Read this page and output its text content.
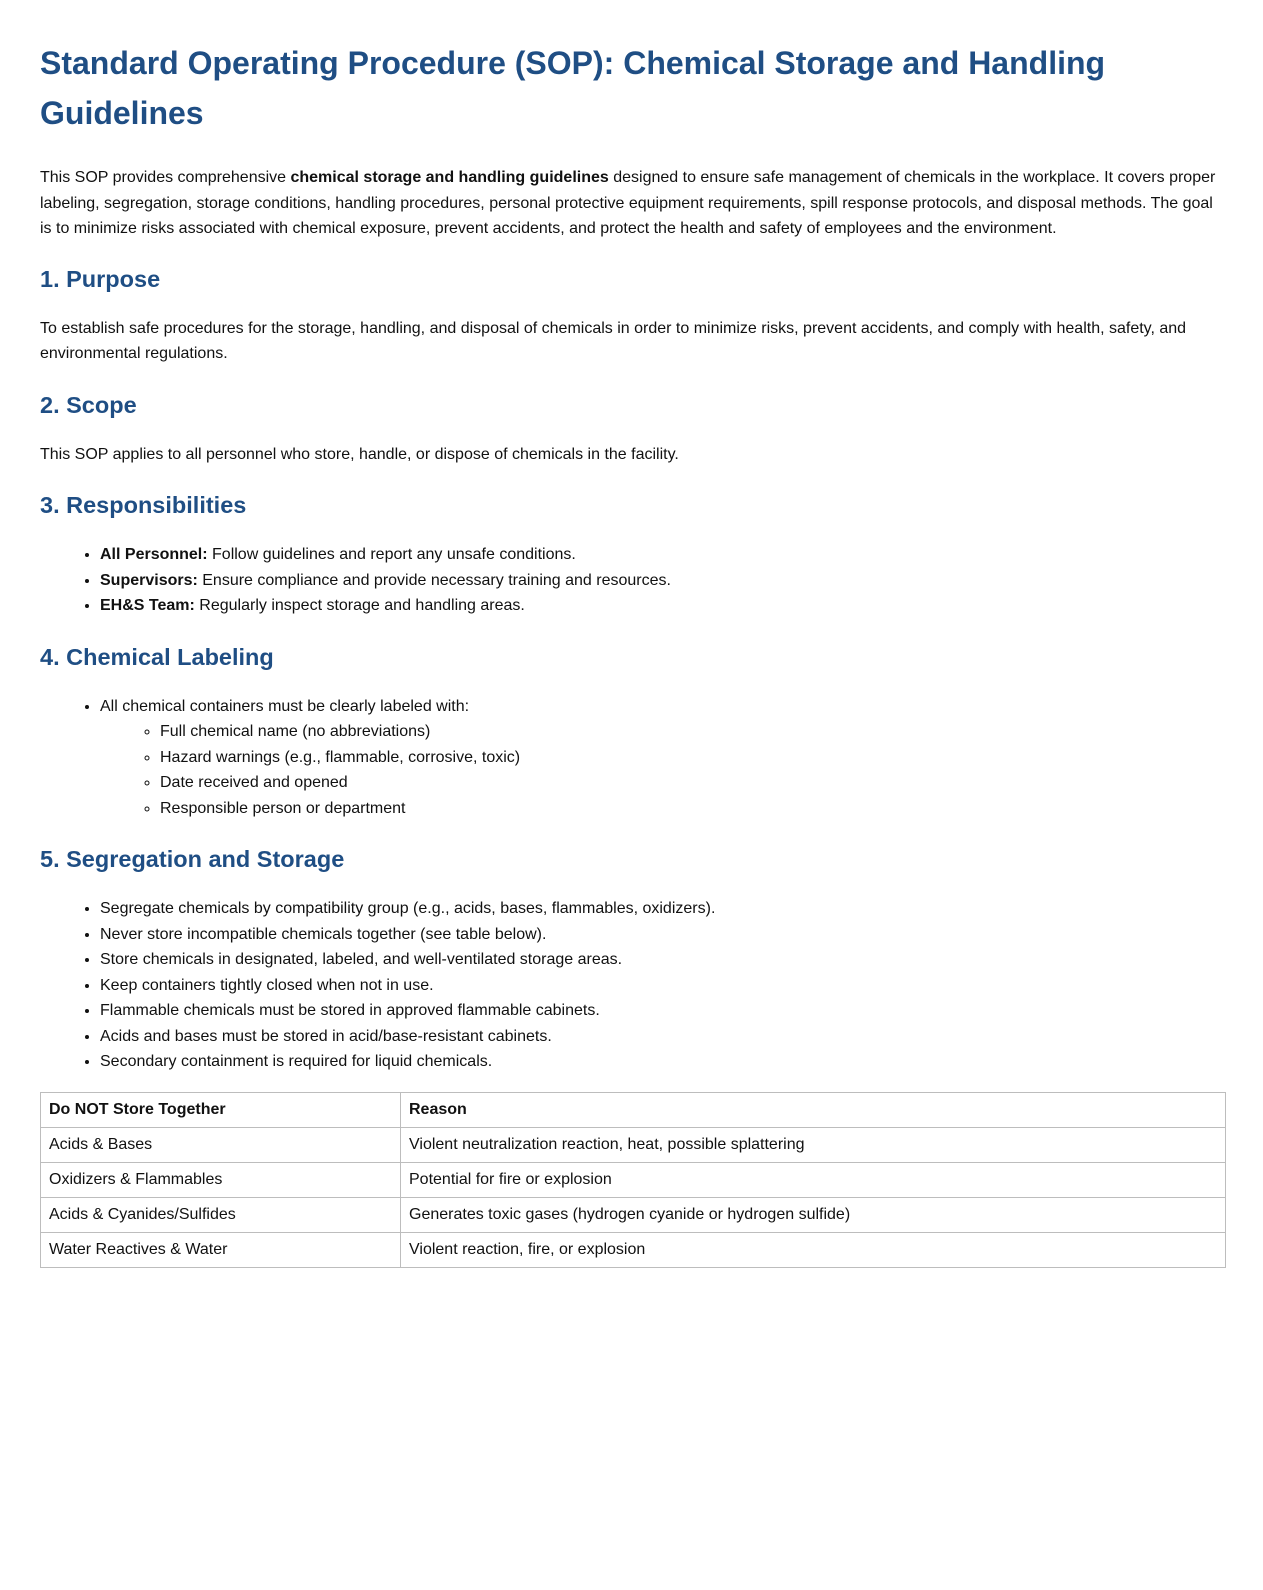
Standard Operating Procedure (SOP): Chemical Storage and Handling Guidelines

This SOP provides comprehensive chemical storage and handling guidelines designed to ensure safe management of chemicals in the workplace. It covers proper labeling, segregation, storage conditions, handling procedures, personal protective equipment requirements, spill response protocols, and disposal methods. The goal is to minimize risks associated with chemical exposure, prevent accidents, and protect the health and safety of employees and the environment.

1. Purpose

To establish safe procedures for the storage, handling, and disposal of chemicals in order to minimize risks, prevent accidents, and comply with health, safety, and environmental regulations.

2. Scope

This SOP applies to all personnel who store, handle, or dispose of chemicals in the facility.

3. Responsibilities
• All Personnel: Follow guidelines and report any unsafe conditions.
• Supervisors: Ensure compliance and provide necessary training and resources.
• EH&S Team: Regularly inspect storage and handling areas.
4. Chemical Labeling
• All chemical containers must be clearly labeled with:
◦ Full chemical name (no abbreviations)
◦ Hazard warnings (e.g., flammable, corrosive, toxic)
◦ Date received and opened
◦ Responsible person or department
5. Segregation and Storage
• Segregate chemicals by compatibility group (e.g., acids, bases, flammables, oxidizers).
• Never store incompatible chemicals together (see table below).
• Store chemicals in designated, labeled, and well-ventilated storage areas.
• Keep containers tightly closed when not in use.
• Flammable chemicals must be stored in approved flammable cabinets.
• Acids and bases must be stored in acid/base-resistant cabinets.
• Secondary containment is required for liquid chemicals.
Do NOT Store Together	Reason
Acids & Bases	Violent neutralization reaction, heat, possible splattering
Oxidizers & Flammables	Potential for fire or explosion
Acids & Cyanides/Sulfides	Generates toxic gases (hydrogen cyanide or hydrogen sulfide)
Water Reactives & Water	Violent reaction, fire, or explosion
